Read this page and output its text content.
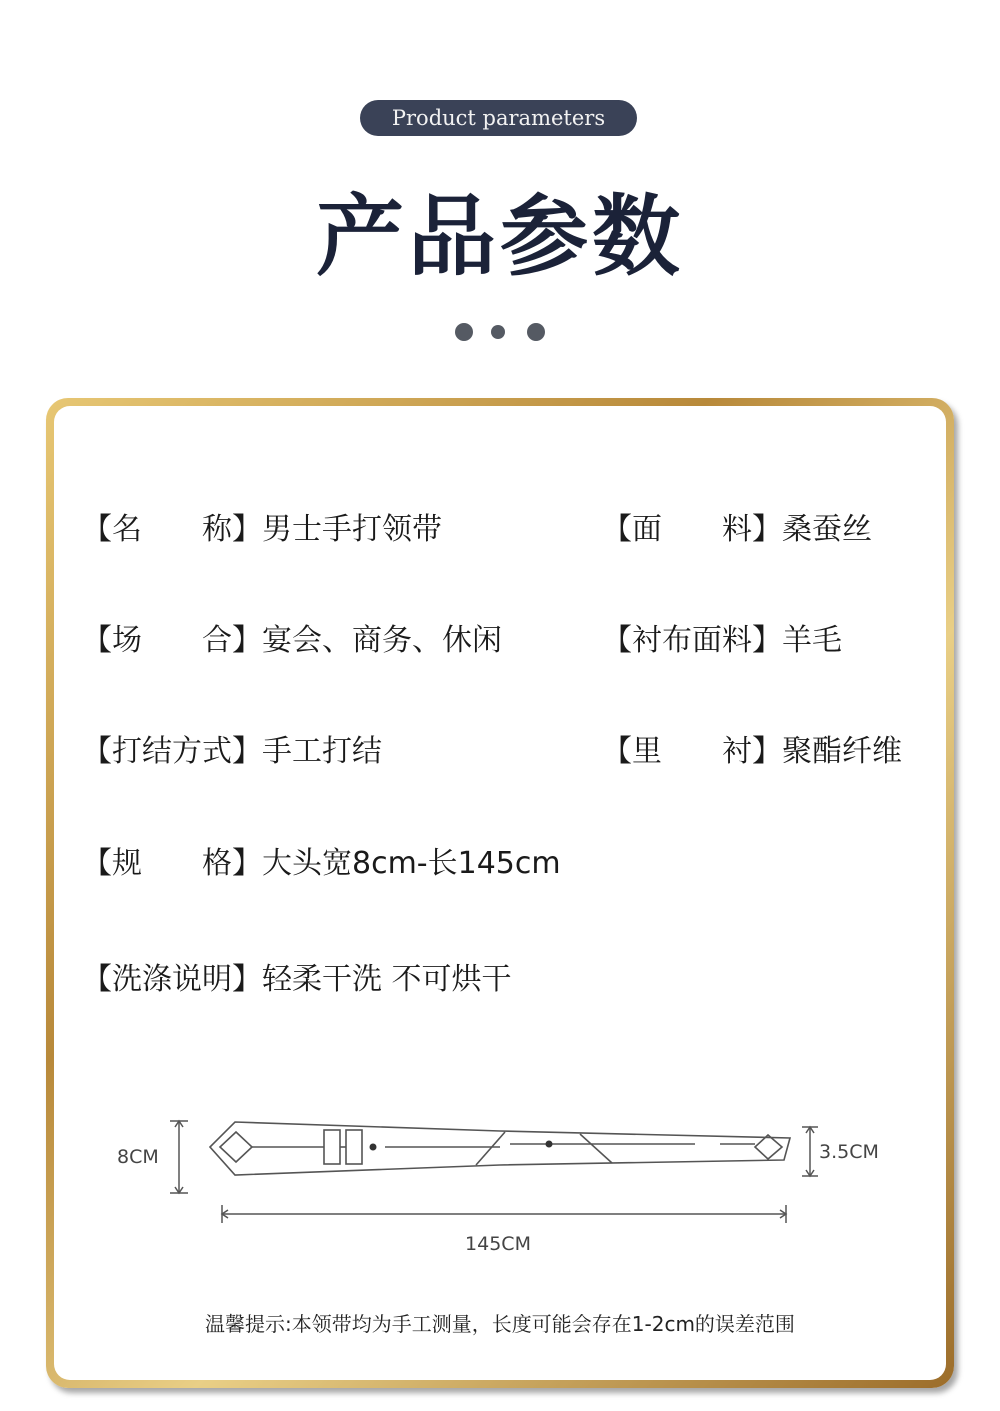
Product parameters
产品参数
【名 称】 男士手打领带	【面 料】 桑蚕丝
【场 合】 宴会、商务、休闲	【衬布面料】羊毛
【打结方式】手工打结	【里 衬】 聚酯纤维
【规 格】 大头宽8cm-长145cm
【洗涤说明】轻柔干洗 不可烘干
8CM	3.5CM
145CM
温馨提示:本领带均为手工测量，长度可能会存在1-2cm的误差范围
